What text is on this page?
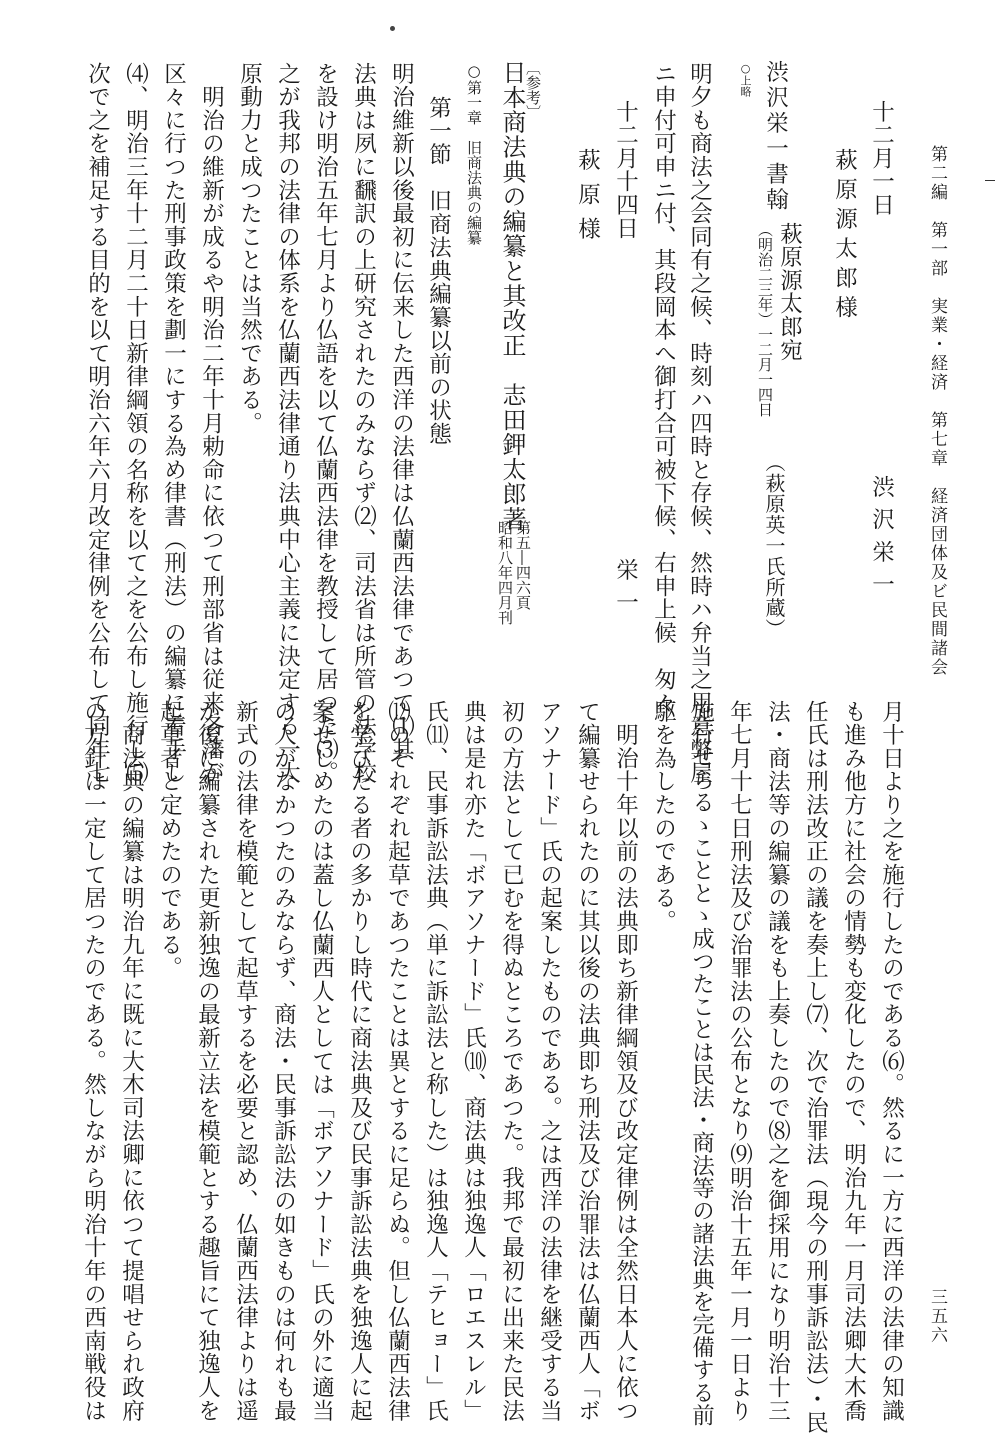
第二編　第一部　実業・経済　第七章　経済団体及ビ民間諸会
三五六
十二月一日
萩原源太郎様
渋沢栄一
渋沢栄一書翰
萩原源太郎宛
（明治二三年）一二月一四日
（萩原英一氏所蔵）
○上略
明夕も商法之会同有之候、時刻ハ四時と存候、然時ハ弁当之用意弊屋
ニ申付可申ニ付、其段岡本へ御打合可被下候、右申上候　匆々
十二月十四日
栄一
萩原様
〔参考〕
日本商法典の編纂と其改正　志田鉀太郎著
第五―四六頁
昭和八年四月刊
○第一章　旧商法典の編纂
第一節　旧商法典編纂以前の状態
明治維新以後最初に伝来した西洋の法律は仏蘭西法律であつて⑴其
法典は夙に飜訳の上研究されたのみならず⑵、司法省は所管の法学校
を設け明治五年七月より仏語を以て仏蘭西法律を教授して居つた⑶。
之が我邦の法律の体系を仏蘭西法律通り法典中心主義に決定する一大
原動力と成つたことは当然である。
　明治の維新が成るや明治二年十月勅命に依つて刑部省は従来各藩が
区々に行つた刑事政策を劃一にする為め律書（刑法）の編纂に着手し
⑷、明治三年十二月二十日新律綱領の名称を以て之を公布し施行し⑸
次で之を補足する目的を以て明治六年六月改定律例を公布して同年七
月十日より之を施行したのである⑹。然るに一方に西洋の法律の知識
も進み他方に社会の情勢も変化したので、明治九年一月司法卿大木喬
任氏は刑法改正の議を奏上し⑺、次で治罪法（現今の刑事訴訟法）・民
法・商法等の編纂の議をも上奏したので⑻之を御採用になり明治十三
年七月十七日刑法及び治罪法の公布となり⑼明治十五年一月一日より
施行せらるゝこととゝ成つたことは民法・商法等の諸法典を完備する前
駆を為したのである。
　明治十年以前の法典即ち新律綱領及び改定律例は全然日本人に依つ
て編纂せられたのに其以後の法典即ち刑法及び治罪法は仏蘭西人「ボ
アソナード」氏の起案したものである。之は西洋の法律を継受する当
初の方法として已むを得ぬところであつた。我邦で最初に出来た民法
典は是れ亦た「ボアソナード」氏⑽、商法典は独逸人「ロエスレル」
氏⑾、民事訴訟法典（単に訴訟法と称した）は独逸人「テヒョー」氏
⑿のそれぞれ起草であつたことは異とするに足らぬ。但し仏蘭西法律
を学びたる者の多かりし時代に商法典及び民事訴訟法典を独逸人に起
案せしめたのは蓋し仏蘭西人としては「ボアソナード」氏の外に適当
の人がなかつたのみならず、商法・民事訴訟法の如きものは何れも最
新式の法律を模範として起草するを必要と認め、仏蘭西法律よりは遥
か後に編纂された更新独逸の最新立法を模範とする趣旨にて独逸人を
起草者と定めたのである。
　商法典の編纂は明治九年に既に大木司法卿に依つて提唱せられ政府
の方針は一定して居つたのである。然しながら明治十年の西南戦役は
